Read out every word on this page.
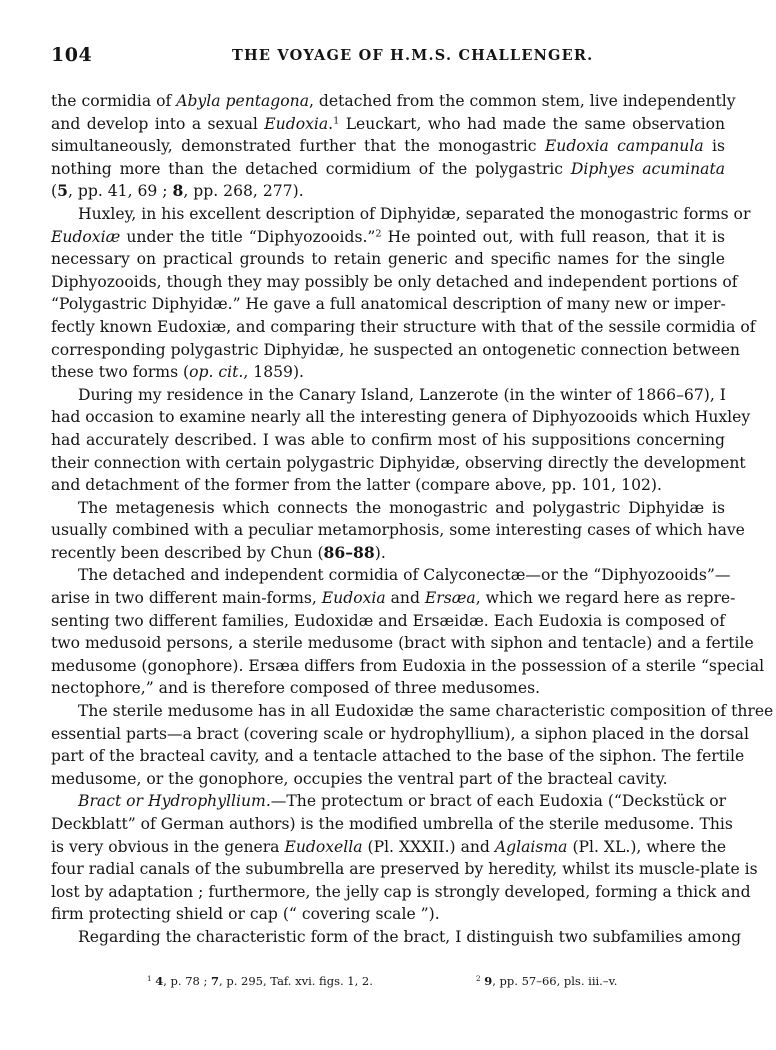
104	THE VOYAGE OF H.M.S. CHALLENGER.
the cormidia of Abyla pentagona, detached from the common stem, live independently
and develop into a sexual Eudoxia.$^1$ Leuckart, who had made the same observation
simultaneously, demonstrated further that the monogastric Eudoxia campanula is
nothing more than the detached cormidium of the polygastric Diphyes acuminata
(5, pp. 41, 69 ; 8, pp. 268, 277).
Huxley, in his excellent description of Diphyidæ, separated the monogastric forms or
Eudoxiæ under the title “Diphyozooids.”$^2$ He pointed out, with full reason, that it is
necessary on practical grounds to retain generic and specific names for the single
Diphyozooids, though they may possibly be only detached and independent portions of
“Polygastric Diphyidæ.” He gave a full anatomical description of many new or imper-
fectly known Eudoxiæ, and comparing their structure with that of the sessile cormidia of
corresponding polygastric Diphyidæ, he suspected an ontogenetic connection between
these two forms (op. cit., 1859).
During my residence in the Canary Island, Lanzerote (in the winter of 1866–67), I
had occasion to examine nearly all the interesting genera of Diphyozooids which Huxley
had accurately described. I was able to confirm most of his suppositions concerning
their connection with certain polygastric Diphyidæ, observing directly the development
and detachment of the former from the latter (compare above, pp. 101, 102).
The metagenesis which connects the monogastric and polygastric Diphyidæ is
usually combined with a peculiar metamorphosis, some interesting cases of which have
recently been described by Chun (86–88).
The detached and independent cormidia of Calyconectæ—or the “Diphyozooids”—
arise in two different main-forms, Eudoxia and Ersæa, which we regard here as repre-
senting two different families, Eudoxidæ and Ersæidæ. Each Eudoxia is composed of
two medusoid persons, a sterile medusome (bract with siphon and tentacle) and a fertile
medusome (gonophore). Ersæa differs from Eudoxia in the possession of a sterile “special
nectophore,” and is therefore composed of three medusomes.
The sterile medusome has in all Eudoxidæ the same characteristic composition of three
essential parts—a bract (covering scale or hydrophyllium), a siphon placed in the dorsal
part of the bracteal cavity, and a tentacle attached to the base of the siphon. The fertile
medusome, or the gonophore, occupies the ventral part of the bracteal cavity.
Bract or Hydrophyllium.—The protectum or bract of each Eudoxia (“Deckstück or
Deckblatt” of German authors) is the modified umbrella of the sterile medusome. This
is very obvious in the genera Eudoxella (Pl. XXXII.) and Aglaisma (Pl. XL.), where the
four radial canals of the subumbrella are preserved by heredity, whilst its muscle-plate is
lost by adaptation ; furthermore, the jelly cap is strongly developed, forming a thick and
firm protecting shield or cap (“ covering scale ”).
Regarding the characteristic form of the bract, I distinguish two subfamilies among
$^1$ 4, p. 78 ; 7, p. 295, Taf. xvi. figs. 1, 2.	$^2$ 9, pp. 57–66, pls. iii.–v.
